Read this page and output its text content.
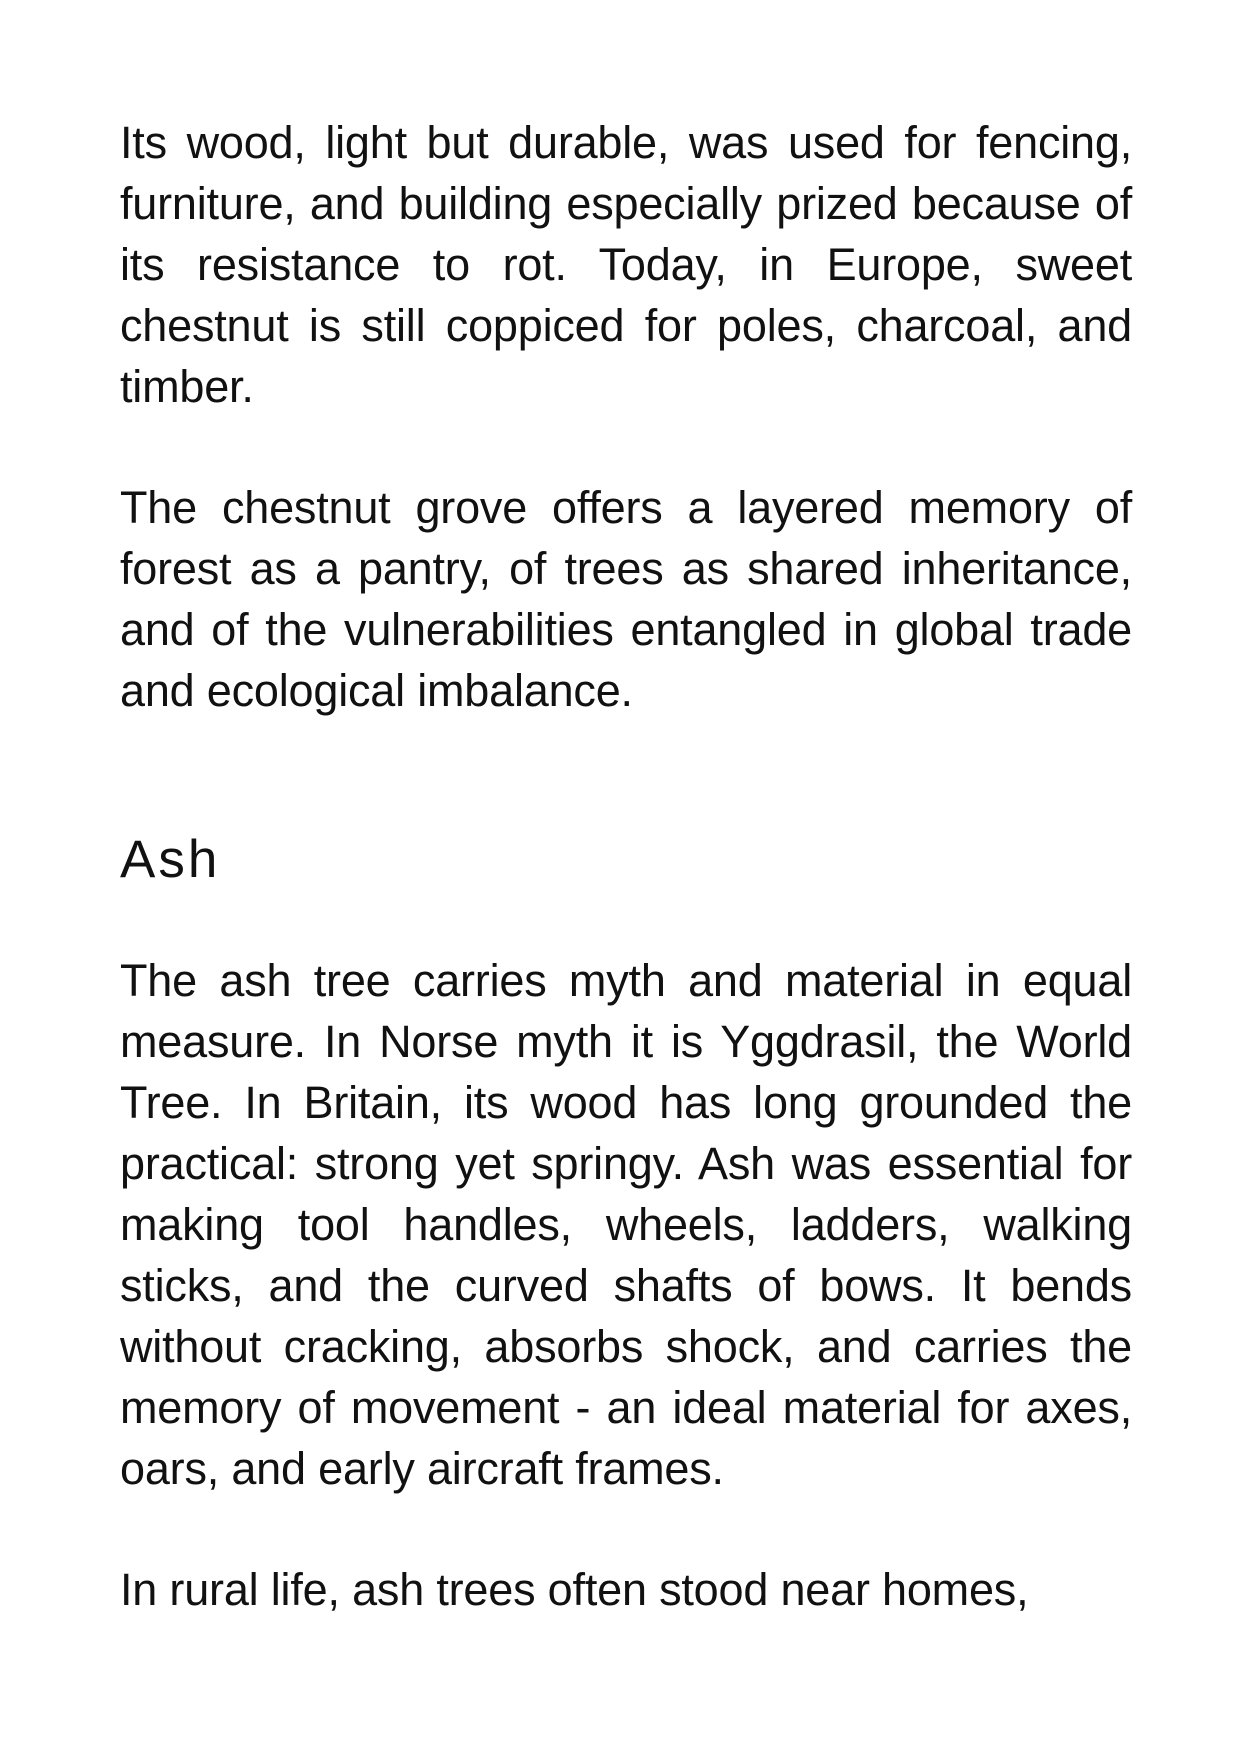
Its wood, light but durable, was used for fencing, furniture, and building especially prized because of its resistance to rot. Today, in Europe, sweet chestnut is still coppiced for poles, charcoal, and timber.

The chestnut grove offers a layered memory of forest as a pantry, of trees as shared inheritance, and of the vulnerabilities entangled in global trade and ecological imbalance.

Ash

The ash tree carries myth and material in equal measure. In Norse myth it is Yggdrasil, the World Tree. In Britain, its wood has long grounded the practical: strong yet springy. Ash was essential for making tool handles, wheels, ladders, walking sticks, and the curved shafts of bows. It bends without cracking, absorbs shock, and carries the memory of movement - an ideal material for axes, oars, and early aircraft frames.

In rural life, ash trees often stood near homes,
